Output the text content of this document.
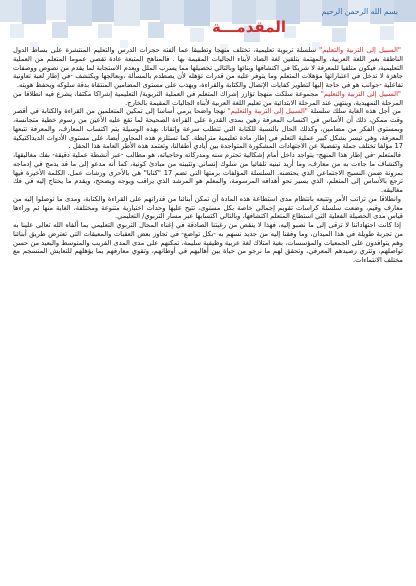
بسم الله الرحمن الرحيم
المقدمـــة

"السبيل إلى التربية والتعليم" سلسلة تربوية تعليمية، تختلف منهجا وتطبيقا عما ألفته حجرات الدرس والتعليم المنتشرة على بساط الدول الناطقة بغير اللغة العربية، والمهتمة بتلقين لغة الضاد لأبناء الجاليات المقيمة بها . فالمناهج المتبعة عادة تقصي عموما المتعلم من العملية التعليمية، فيكون متلقيا للمعرفة لا شريكا في اكتشافها وبنائها وبالتالي تحصيلها مما يسرب الملل ويعدم الاستجابة لما يقدم من نصوص ووصفات جاهزة لا تدخل في اعتباراتها مؤهلات المتعلم وما يتوفر عليه من قدرات تؤهله لأن يصطدم بالمسألة ،وبعالجها ويكتشف -في إطار لعبة تعاونية تفاعلية -جوانب هو في حاجة إليها لتطوير كفايات الإتصال والكتابة والقراءة، ويهذب على مستوى المضامين المنتقاة بدقة سلوكه ويحفظ هويته.

"السبيل إلى التربية والتعليم" مجموعة سلكت منهجا تؤازر إشراك المتعلم في العملية التربوية/ التعليمية إشراكا مكثفا، يشرع فيه انطلاقا من المرحلة التمهيدية، وينتهي عند المرحلة الابتدائية من تعليم اللغة العربية لأبناء الجاليات المقيمة بالخارج.

من أجل هذه الغاية سلك سلسلة "السبيل إلى التربية والتعليم" نهجا واضحا يرمي أساسا إلى تمكين المتعلمين من القراءة والكتابة في أقصر وقت ممكن، ذلك أن الأساس في اكتساب المعرفة رهين بمدى القدرة على القراءة الصحيحة لما تقع عليه الأعين من رسوم خطية متجانسة، وبمستوى الفكر من مضامين، وكذلك الحال بالنسبة للكتابة التي تتطلب سرعة وإتقانا. بهذه الوسيلة يتم اكتساب المعارف، والمعرفة تتبعها المعرفة، وهي تيسر بشكل كبير عملية التعلم في إطار مادة تعليمية مترابطة. كما تستلزم هذه المحاور أيضا، على مستوى الأدوات الديداكتيكية 17 مؤلفا تختلف جملة وتفصيلا عن الاجتهادات المشكورة المتواجدة بين أيادي أطفالنا، وتعتمد هذه الأطر العامة هذا الحقل .

فالمتعلم -في إطار هذا المنهج- يتواجد داخل أمام إشكالية تحترم سنه ومدركاته وحاجياته، هو مطالب -عبر أنشطة عملية دقيقة- بفك مغاليقها، واكتشاف ما جاءت به من معارف، وما أريد تبنيه تلقائيا من سلوك إنساني وتثبيته من مبادئ كونية، كما أنه مدعو إلى ما قد يدمج في إدماجه بمرونة ضمن النسيج الاجتماعي الذي يحتضنه. السلسلة المؤلفات برمتها التي تضم 17 "كتابا" هي بالأحرى ورشات عمل. الكلمة الأخيرة فيها ترجع بالأساس إلى المتعلم، الذي يسير نحو أهدافه المرسومة، والمعلم هو المرشد الذي يراقب ويوجه ويصحح، ويقدم ما يحتاج إليه في فك مغاليقه.

وانطلاقا من تراتب الأمر وتتبعه بانتظام مدى استطاعة هذه المادة أن تمكن أبنائنا من قدراتهم على القراءة والكتابة، ومدى ما توصلوا إليه من معارف وقيم، وضعت سلسلة كراسات تقويم إجمالي خاصة بكل مستوى، تتيح عليها وحدات اختبارية متنوعة ومختلفة، الغاية منها ثم وراءها قياس مدى الحصيلة الفعلية التي استطاع المتعلم اكتشافها، وبالتالي اكتسابها عبر مسار التربوي/ التعليمي.

إذا كانت اجتهاداتنا لا ترقى إلى ما نصبو إليه، فهذا لا ينقص من رغبتنا الصادقة في إغناء المجال التربوي التعليمي بما ألفاه الله تعالى علينا به من تجربة طويلة في هذا الميدان، وما وفقنا إليه من جديد نسهم به -بكل تواضع- في تجاوز بعض العقبات والمعيقات التي تعترض طريق أبنائنا وهم يتوافدون على الجمعيات والمؤسسات، بغية امتلاك لغة عربية وظيفية سليمة، تمكنهم على مدى المدى القريب والمتوسط والبعيد من حسن تواصلهم، وتثري رصيدهم المعرفي، وتحقق لهم ما نرجو من حياة بين أهاليهم في أوطانهم، وتقوي معارفهم بما يؤهلهم للتعايش المنسجم مع مختلف الانتماءات.
